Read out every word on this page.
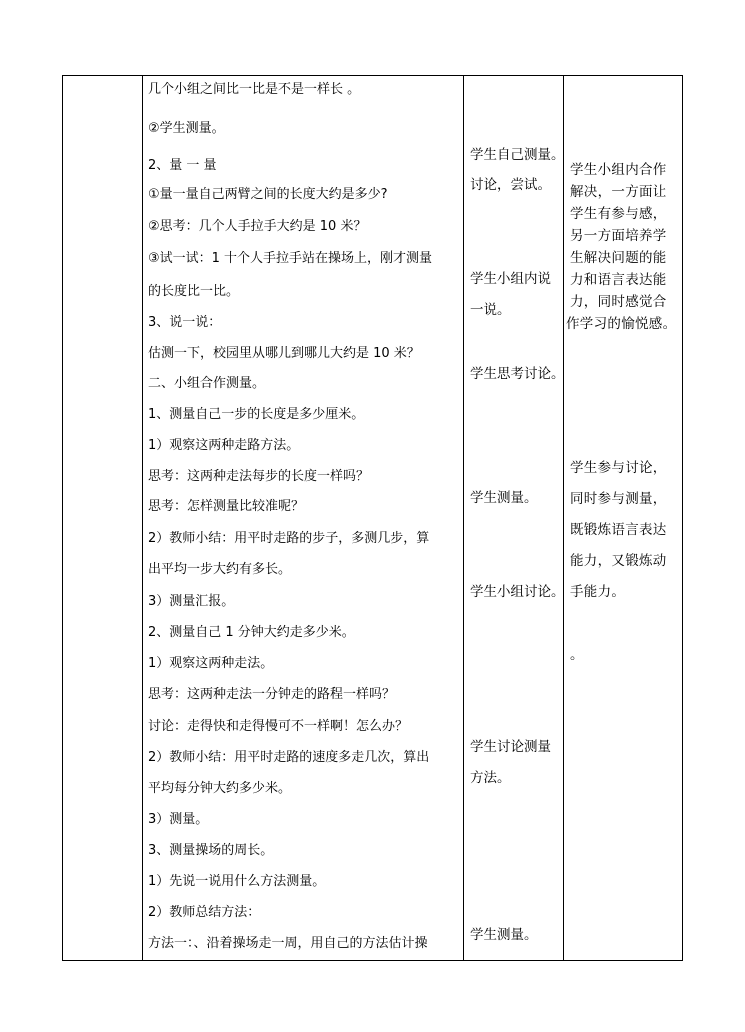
几个小组之间比一比是不是一样长 。
②学生测量。
2、量 一 量
①量一量自己两臂之间的长度大约是多少?
②思考：几个人手拉手大约是 10 米？
③试一试：1 十个人手拉手站在操场上，刚才测量
的长度比一比。
3、说一说：
估测一下，校园里从哪儿到哪儿大约是 10 米？
二、小组合作测量。
1、测量自己一步的长度是多少厘米。
1）观察这两种走路方法。
思考：这两种走法每步的长度一样吗？
思考：怎样测量比较准呢？
2）教师小结：用平时走路的步子，多测几步，算
出平均一步大约有多长。
3）测量汇报。
2、测量自己 1 分钟大约走多少米。
1）观察这两种走法。
思考：这两种走法一分钟走的路程一样吗？
讨论：走得快和走得慢可不一样啊！怎么办？
2）教师小结：用平时走路的速度多走几次，算出
平均每分钟大约多少米。
3）测量。
3、测量操场的周长。
1）先说一说用什么方法测量。
2）教师总结方法：
方法一：、沿着操场走一周，用自己的方法估计操
学生自己测量。
讨论，尝试。
学生小组内说
一说。
学生思考讨论。
学生测量。
学生小组讨论。
学生讨论测量
方法。
学生测量。
学生小组内合作
解决，一方面让
学生有参与感，
另一方面培养学
生解决问题的能
力和语言表达能
力，同时感觉合
作学习的愉悦感。
学生参与讨论，
同时参与测量，
既锻炼语言表达
能力，又锻炼动
手能力。
。
